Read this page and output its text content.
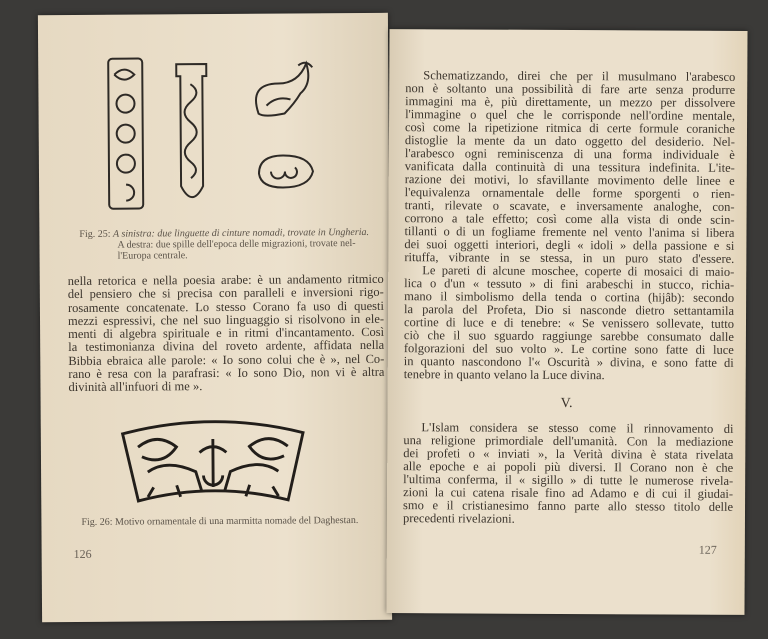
Fig. 25: A sinistra: due linguette di cinture nomadi, trovate in Ungheria.
A destra: due spille dell'epoca delle migrazioni, trovate nel-
l'Europa centrale.
nella retorica e nella poesia arabe: è un andamento ritmico
del pensiero che si precisa con paralleli e inversioni rigo-
rosamente concatenate. Lo stesso Corano fa uso di questi
mezzi espressivi, che nel suo linguaggio si risolvono in ele-
menti di algebra spirituale e in ritmi d'incantamento. Così
la testimonianza divina del roveto ardente, affidata nella
Bibbia ebraica alle parole: « Io sono colui che è », nel Co-
rano è resa con la parafrasi: « Io sono Dio, non vi è altra
divinità all'infuori di me ».
Fig. 26: Motivo ornamentale di una marmitta nomade del Daghestan.
126
Schematizzando, direi che per il musulmano l'arabesco
non è soltanto una possibilità di fare arte senza produrre
immagini ma è, più direttamente, un mezzo per dissolvere
l'immagine o quel che le corrisponde nell'ordine mentale,
così come la ripetizione ritmica di certe formule coraniche
distoglie la mente da un dato oggetto del desiderio. Nel-
l'arabesco ogni reminiscenza di una forma individuale è
vanificata dalla continuità di una tessitura indefinita. L'ite-
razione dei motivi, lo sfavillante movimento delle linee e
l'equivalenza ornamentale delle forme sporgenti o rien-
tranti, rilevate o scavate, e inversamente analoghe, con-
corrono a tale effetto; così come alla vista di onde scin-
tillanti o di un fogliame fremente nel vento l'anima si libera
dei suoi oggetti interiori, degli « idoli » della passione e si
rituffa, vibrante in se stessa, in un puro stato d'essere.
Le pareti di alcune moschee, coperte di mosaici di maio-
lica o d'un « tessuto » di fini arabeschi in stucco, richia-
mano il simbolismo della tenda o cortina (hijâb): secondo
la parola del Profeta, Dio si nasconde dietro settantamila
cortine di luce e di tenebre: « Se venissero sollevate, tutto
ciò che il suo sguardo raggiunge sarebbe consumato dalle
folgorazioni del suo volto ». Le cortine sono fatte di luce
in quanto nascondono l'« Oscurità » divina, e sono fatte di
tenebre in quanto velano la Luce divina.
V.
L'Islam considera se stesso come il rinnovamento di
una religione primordiale dell'umanità. Con la mediazione
dei profeti o « inviati », la Verità divina è stata rivelata
alle epoche e ai popoli più diversi. Il Corano non è che
l'ultima conferma, il « sigillo » di tutte le numerose rivela-
zioni la cui catena risale fino ad Adamo e di cui il giudai-
smo e il cristianesimo fanno parte allo stesso titolo delle
precedenti rivelazioni.
127
